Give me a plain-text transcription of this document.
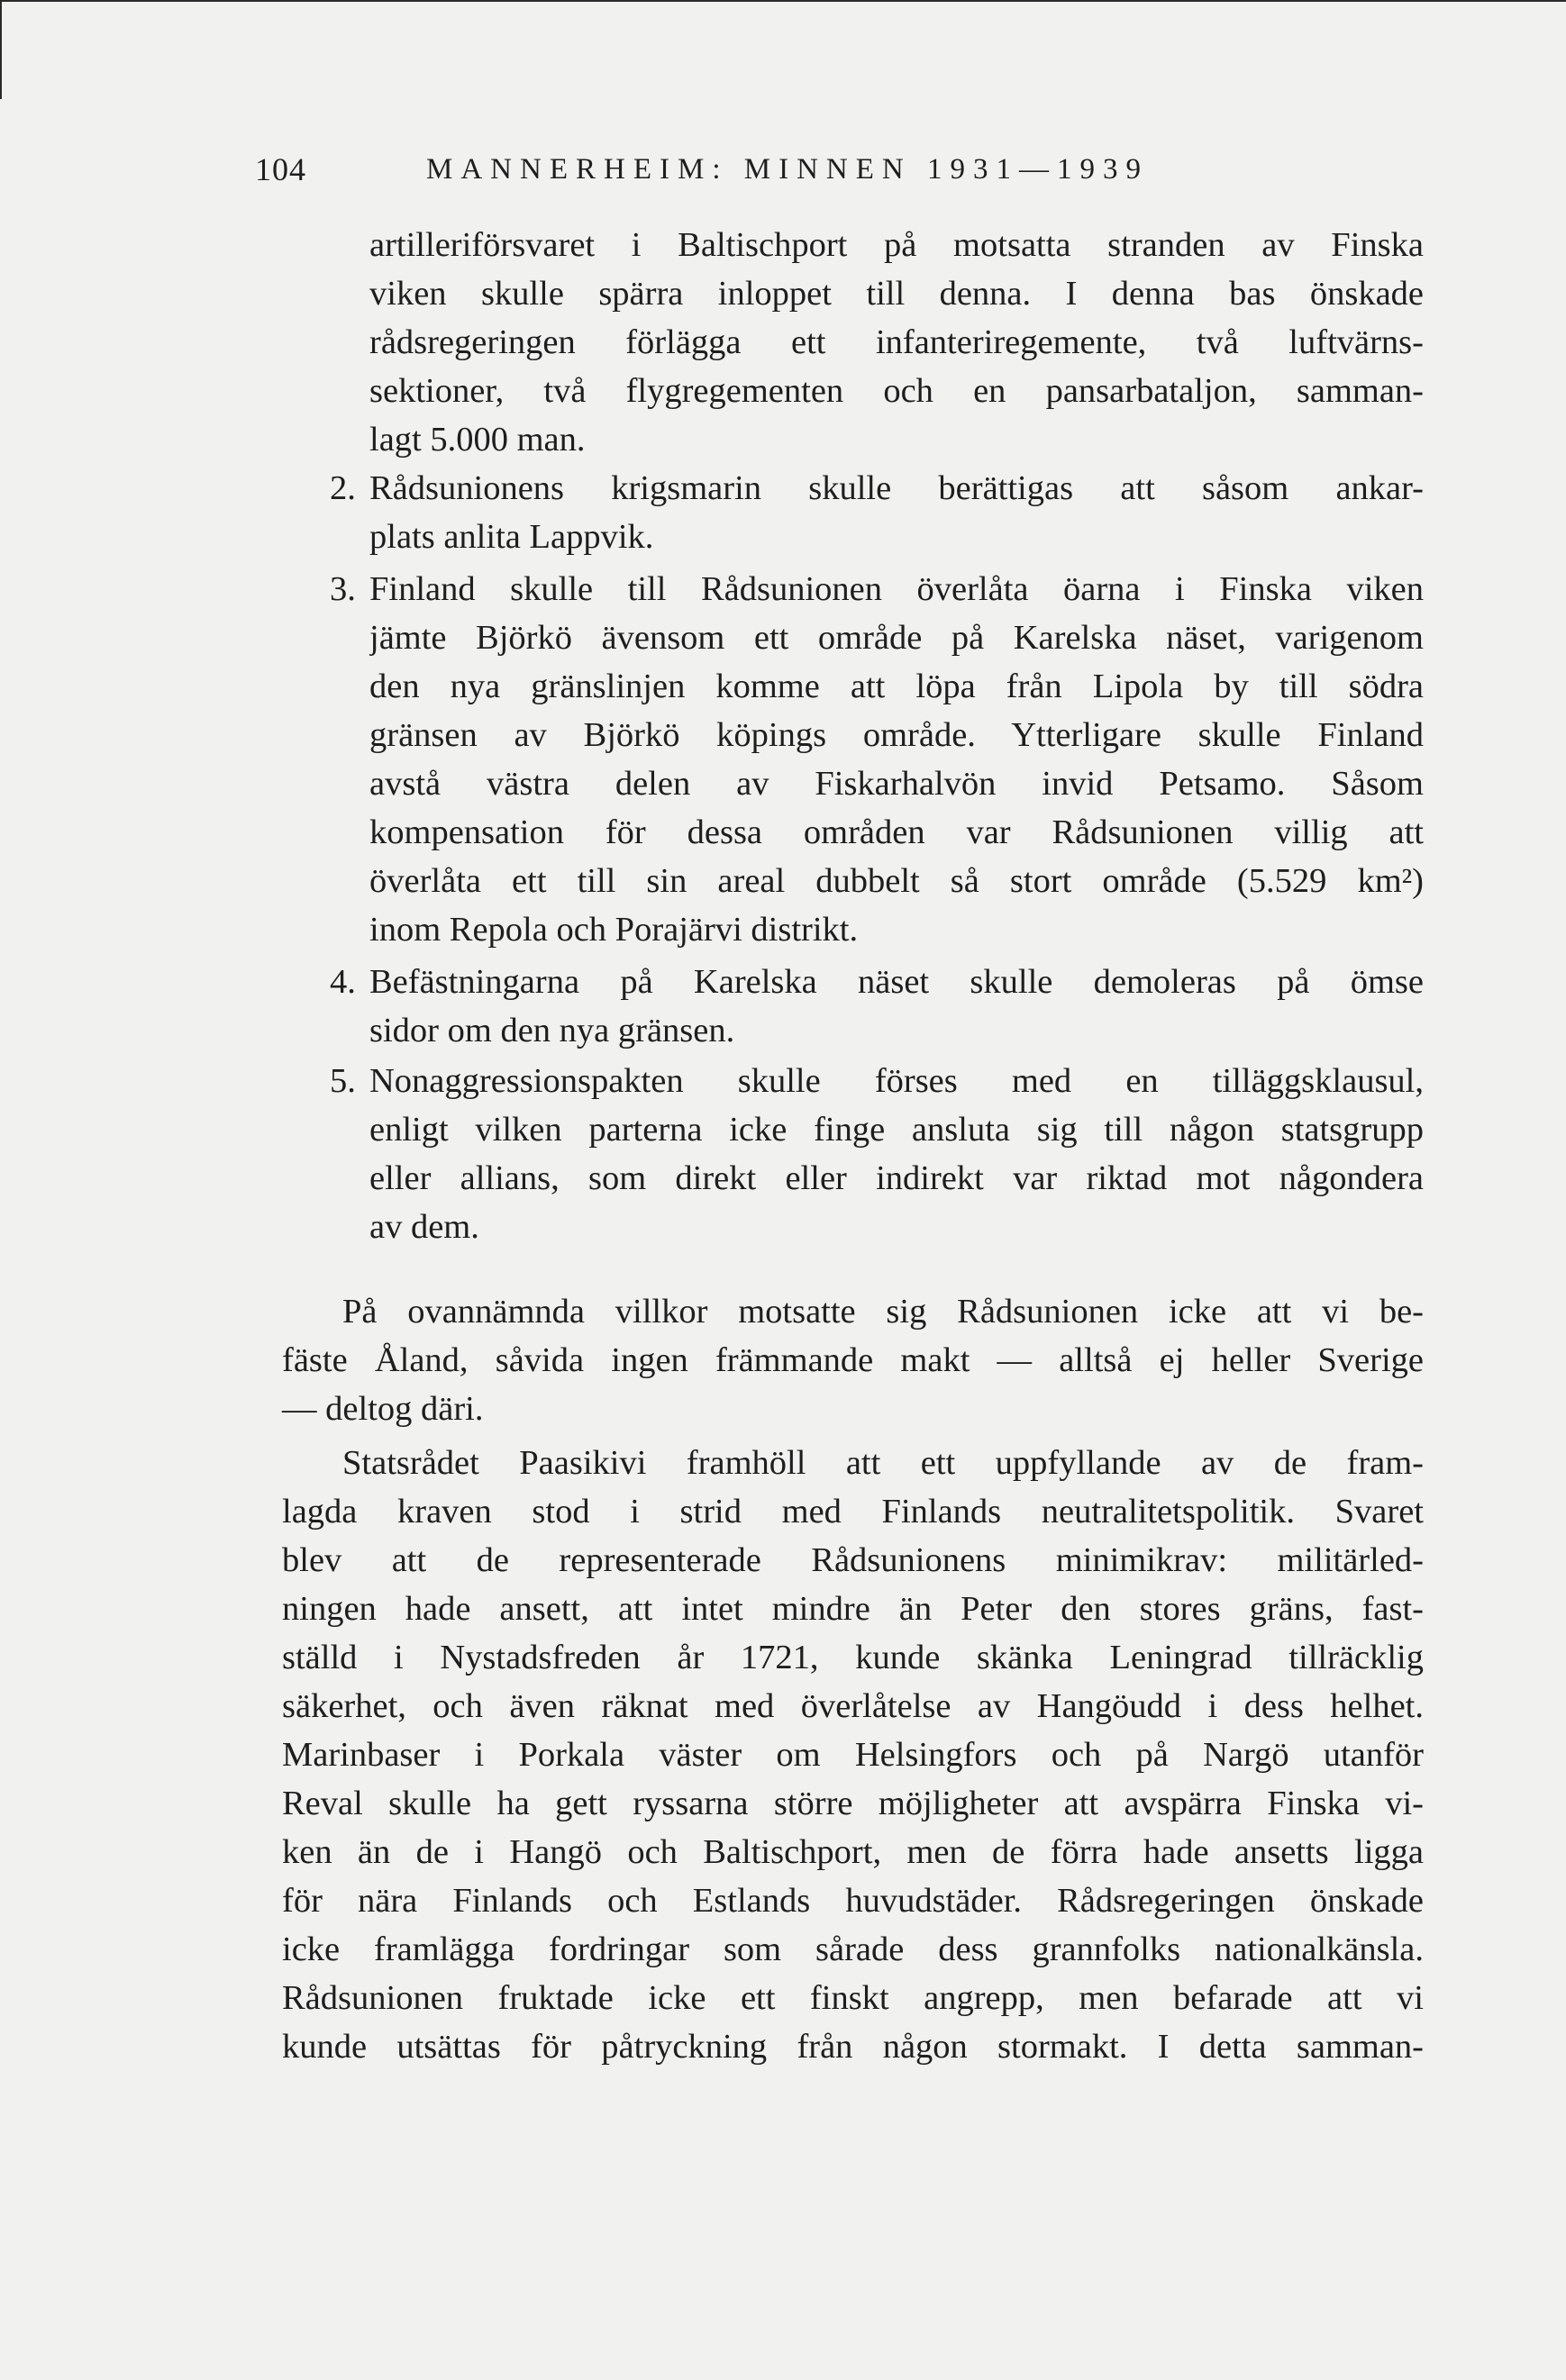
104	MANNERHEIM: MINNEN 1931—1939
artilleriförsvaret i Baltischport på motsatta stranden av Finska
viken skulle spärra inloppet till denna. I denna bas önskade
rådsregeringen förlägga ett infanteriregemente, två luftvärns-
sektioner, två flygregementen och en pansarbataljon, samman-
lagt 5.000 man.
2. Rådsunionens krigsmarin skulle berättigas att såsom ankar-
plats anlita Lappvik.
3. Finland skulle till Rådsunionen överlåta öarna i Finska viken
jämte Björkö ävensom ett område på Karelska näset, varigenom
den nya gränslinjen komme att löpa från Lipola by till södra
gränsen av Björkö köpings område. Ytterligare skulle Finland
avstå västra delen av Fiskarhalvön invid Petsamo. Såsom
kompensation för dessa områden var Rådsunionen villig att
överlåta ett till sin areal dubbelt så stort område (5.529 km²)
inom Repola och Porajärvi distrikt.
4. Befästningarna på Karelska näset skulle demoleras på ömse
sidor om den nya gränsen.
5. Nonaggressionspakten skulle förses med en tilläggsklausul,
enligt vilken parterna icke finge ansluta sig till någon statsgrupp
eller allians, som direkt eller indirekt var riktad mot någondera
av dem.
På ovannämnda villkor motsatte sig Rådsunionen icke att vi be-
fäste Åland, såvida ingen främmande makt — alltså ej heller Sverige
— deltog däri.
Statsrådet Paasikivi framhöll att ett uppfyllande av de fram-
lagda kraven stod i strid med Finlands neutralitetspolitik. Svaret
blev att de representerade Rådsunionens minimikrav: militärled-
ningen hade ansett, att intet mindre än Peter den stores gräns, fast-
ställd i Nystadsfreden år 1721, kunde skänka Leningrad tillräcklig
säkerhet, och även räknat med överlåtelse av Hangöudd i dess helhet.
Marinbaser i Porkala väster om Helsingfors och på Nargö utanför
Reval skulle ha gett ryssarna större möjligheter att avspärra Finska vi-
ken än de i Hangö och Baltischport, men de förra hade ansetts ligga
för nära Finlands och Estlands huvudstäder. Rådsregeringen önskade
icke framlägga fordringar som sårade dess grannfolks nationalkänsla.
Rådsunionen fruktade icke ett finskt angrepp, men befarade att vi
kunde utsättas för påtryckning från någon stormakt. I detta samman-
